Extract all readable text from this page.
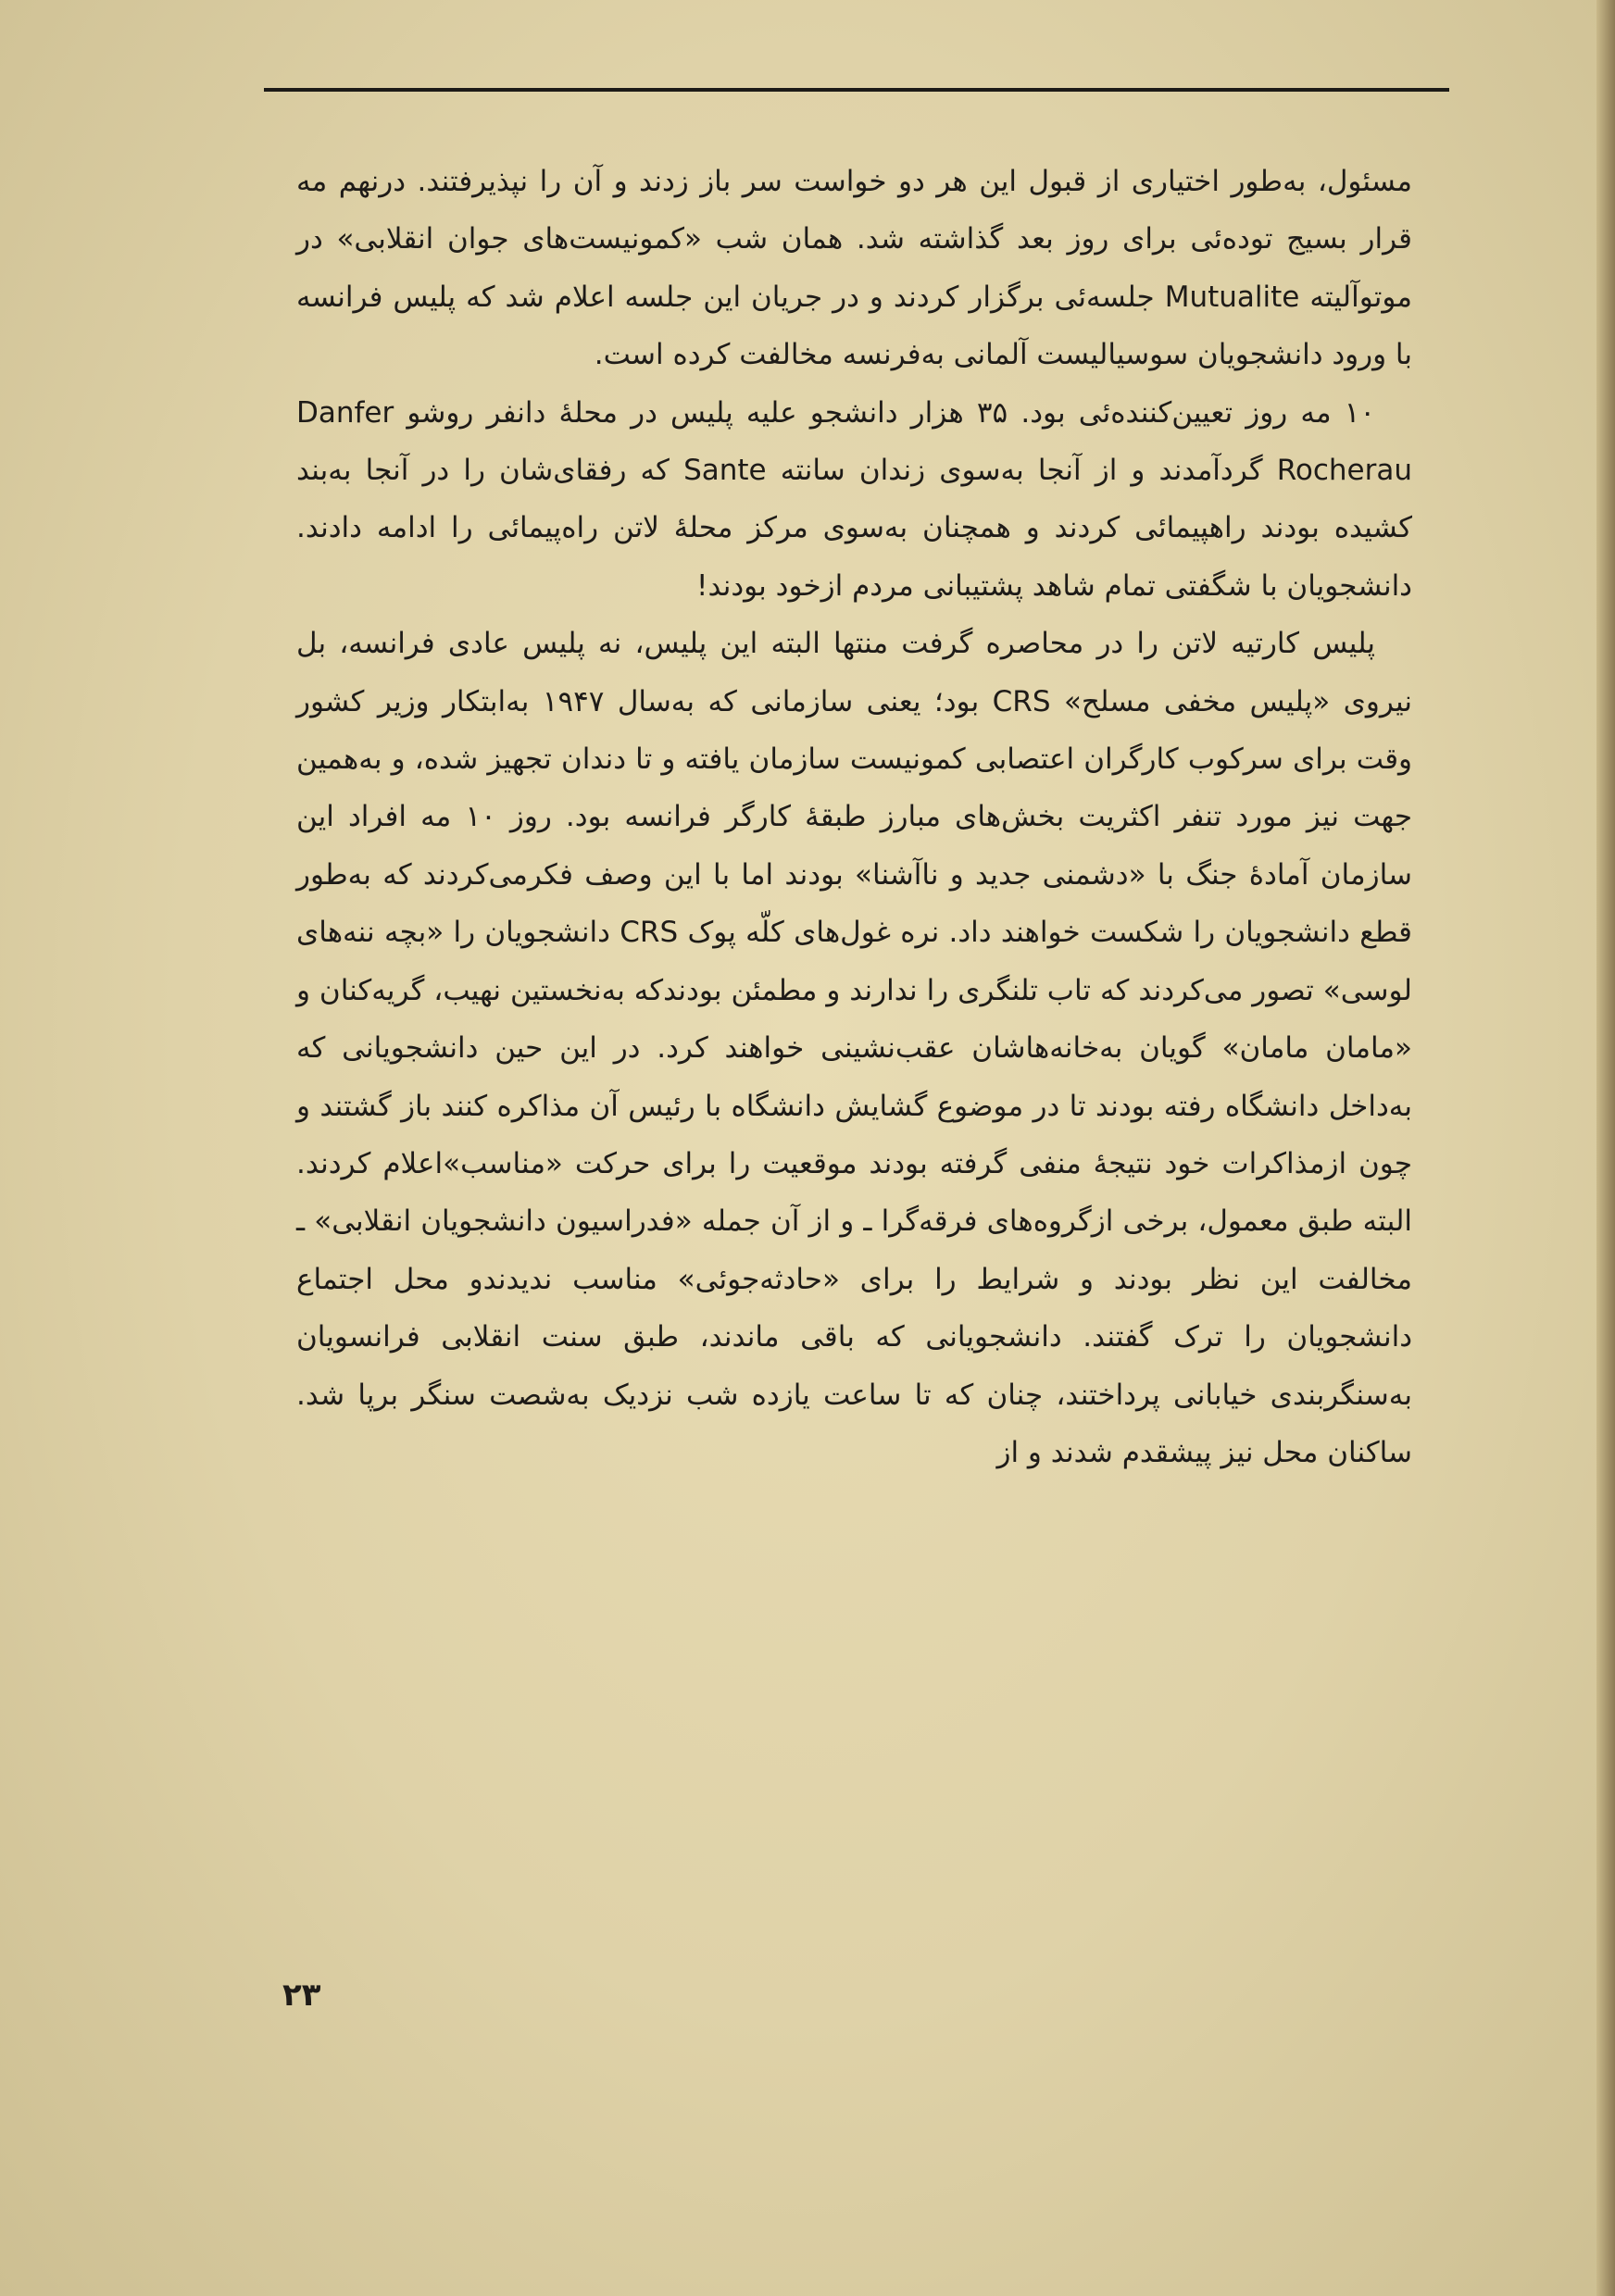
مسئول، به‌طور اختیاری از قبول این هر دو خواست سر باز زدند و آن را نپذیرفتند. درنهم مه قرار بسیج توده‌ئی برای روز بعد گذاشته شد. همان شب «کمونیست‌های جوان انقلابی» در موتوآلیته Mutualite جلسه‌ئی برگزار کردند و در جریان این جلسه اعلام شد که پلیس فرانسه با ورود دانشجویان سوسیالیست آلمانی به‌فرنسه مخالفت کرده است.

۱۰ مه روز تعیین‌کننده‌ئی بود. ۳۵ هزار دانشجو علیه پلیس در محلهٔ دانفر روشو Danfer Rocherau گردآمدند و از آنجا به‌سوی زندان سانته Sante که رفقای‌شان را در آنجا به‌بند کشیده بودند راهپیمائی کردند و همچنان به‌سوی مرکز محلهٔ لاتن راه‌پیمائی را ادامه دادند. دانشجویان با شگفتی تمام شاهد پشتیبانی مردم ازخود بودند!

پلیس کارتیه لاتن را در محاصره گرفت منتها البته این پلیس، نه پلیس عادی فرانسه، بل نیروی «پلیس مخفی مسلح» CRS بود؛ یعنی سازمانی که به‌سال ۱۹۴۷ به‌ابتکار وزیر کشور وقت برای سرکوب کارگران اعتصابی کمونیست سازمان یافته و تا دندان تجهیز شده، و به‌همین جهت نیز مورد تنفر اکثریت بخش‌های مبارز طبقهٔ کارگر فرانسه بود. روز ۱۰ مه افراد این سازمان آمادهٔ جنگ با «دشمنی جدید و ناآشنا» بودند اما با این وصف فکرمی‌کردند که به‌طور قطع دانشجویان را شکست خواهند داد. نره غول‌های کلّه پوک CRS دانشجویان را «بچه ننه‌های لوسی» تصور می‌کردند که تاب تلنگری را ندارند و مطمئن بودندکه به‌نخستین نهیب، گریه‌کنان و «ماما‌ن ماما‌ن» گویان به‌خانه‌هاشان عقب‌نشینی خواهند کرد. در این حین دانشجویانی که به‌داخل دانشگاه رفته بودند تا در موضوع گشایش دانشگاه با رئیس آن مذاکره کنند باز گشتند و چون ازمذاکرات خود نتیجهٔ منفی گرفته بودند موقعیت را برای حرکت «مناسب»اعلام کردند. البته طبق معمول، برخی ازگروه‌های فرقه‌گرا ـ و از آن جمله «فدراسیون دانشجویان انقلابی» ـ مخالفت این نظر بودند و شرایط را برای «حادثه‌جوئی» مناسب ندیدندو محل اجتماع دانشجویان را ترک گفتند. دانشجویانی که باقی ماندند، طبق سنت انقلابی فرانسویان به‌سنگربندی خیابانی پرداختند، چنان که تا ساعت یازده شب نزدیک به‌شصت سنگر برپا شد. ساکنان محل نیز پیشقدم شدند و از

۲۳
